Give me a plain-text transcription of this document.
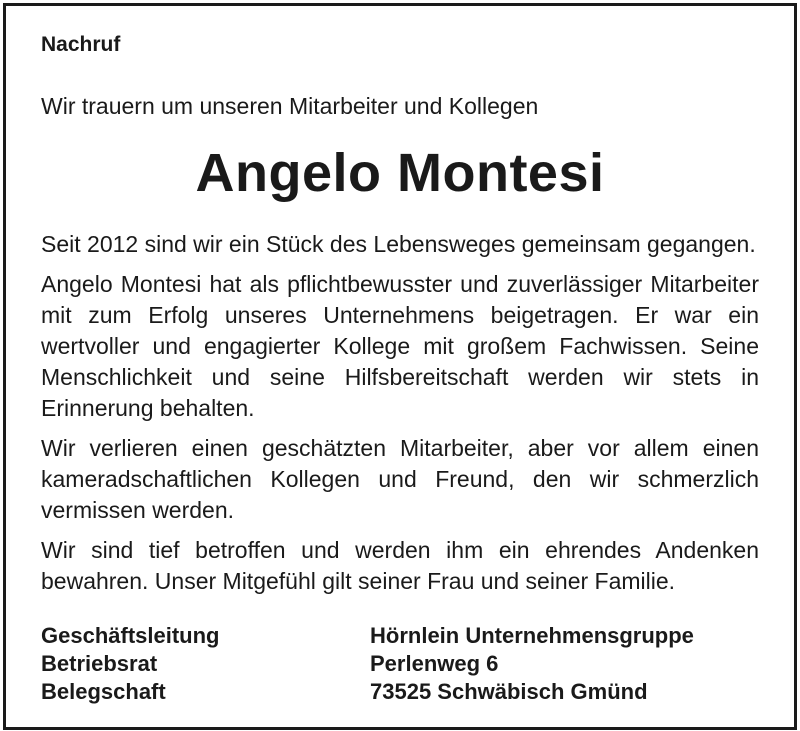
Nachruf
Wir trauern um unseren Mitarbeiter und Kollegen
Angelo Montesi

Seit 2012 sind wir ein Stück des Lebensweges gemeinsam gegangen.

Angelo Montesi hat als pflichtbewusster und zuverlässiger Mitarbeiter mit zum Erfolg unseres Unternehmens beigetragen. Er war ein wertvoller und engagierter Kollege mit großem Fachwissen. Seine Menschlichkeit und seine Hilfsbereitschaft werden wir stets in Erinnerung behalten.

Wir verlieren einen geschätzten Mitarbeiter, aber vor allem einen kameradschaftlichen Kollegen und Freund, den wir schmerzlich vermissen werden.

Wir sind tief betroffen und werden ihm ein ehrendes Andenken bewahren. Unser Mitgefühl gilt seiner Frau und seiner Familie.

Geschäftsleitung
Betriebsrat
Belegschaft
Hörnlein Unternehmensgruppe
Perlenweg 6
73525 Schwäbisch Gmünd
